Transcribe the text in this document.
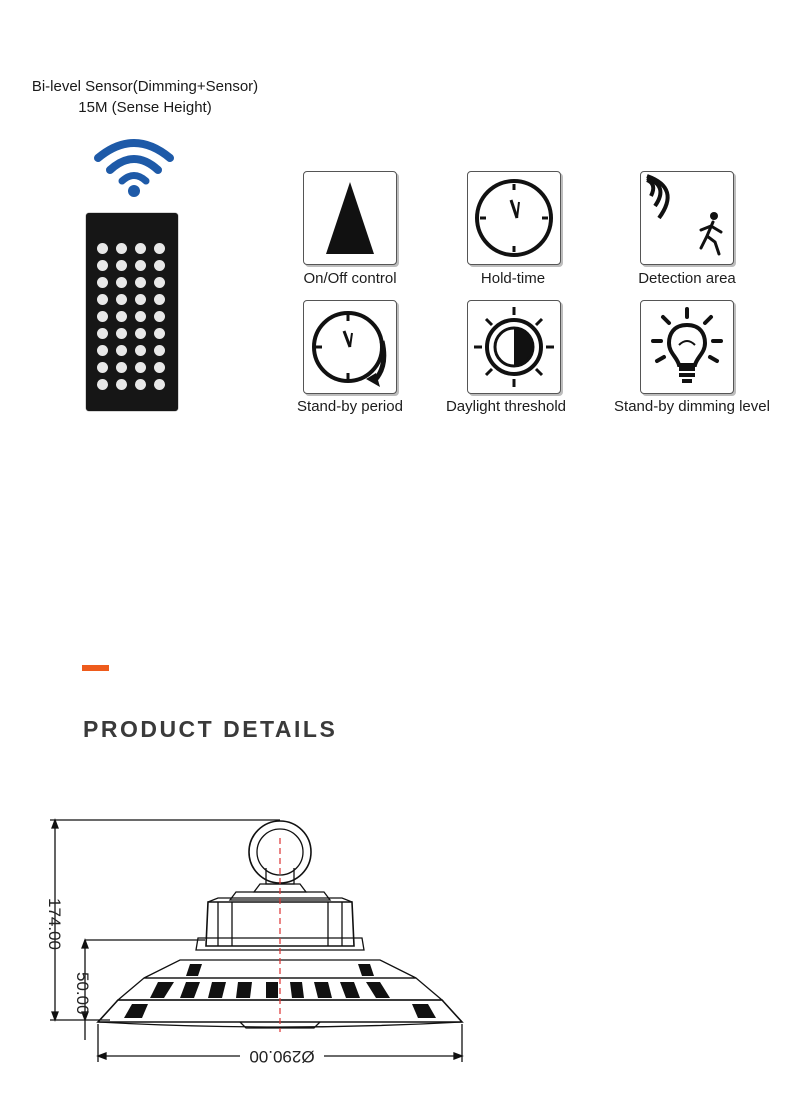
Bi-level Sensor(Dimming+Sensor)
15M (Sense Height)
On/Off control	Hold-time	Detection area
Stand-by period	Daylight threshold	Stand-by dimming level
PRODUCT DETAILS
174.00
50.00
Ø290.00
